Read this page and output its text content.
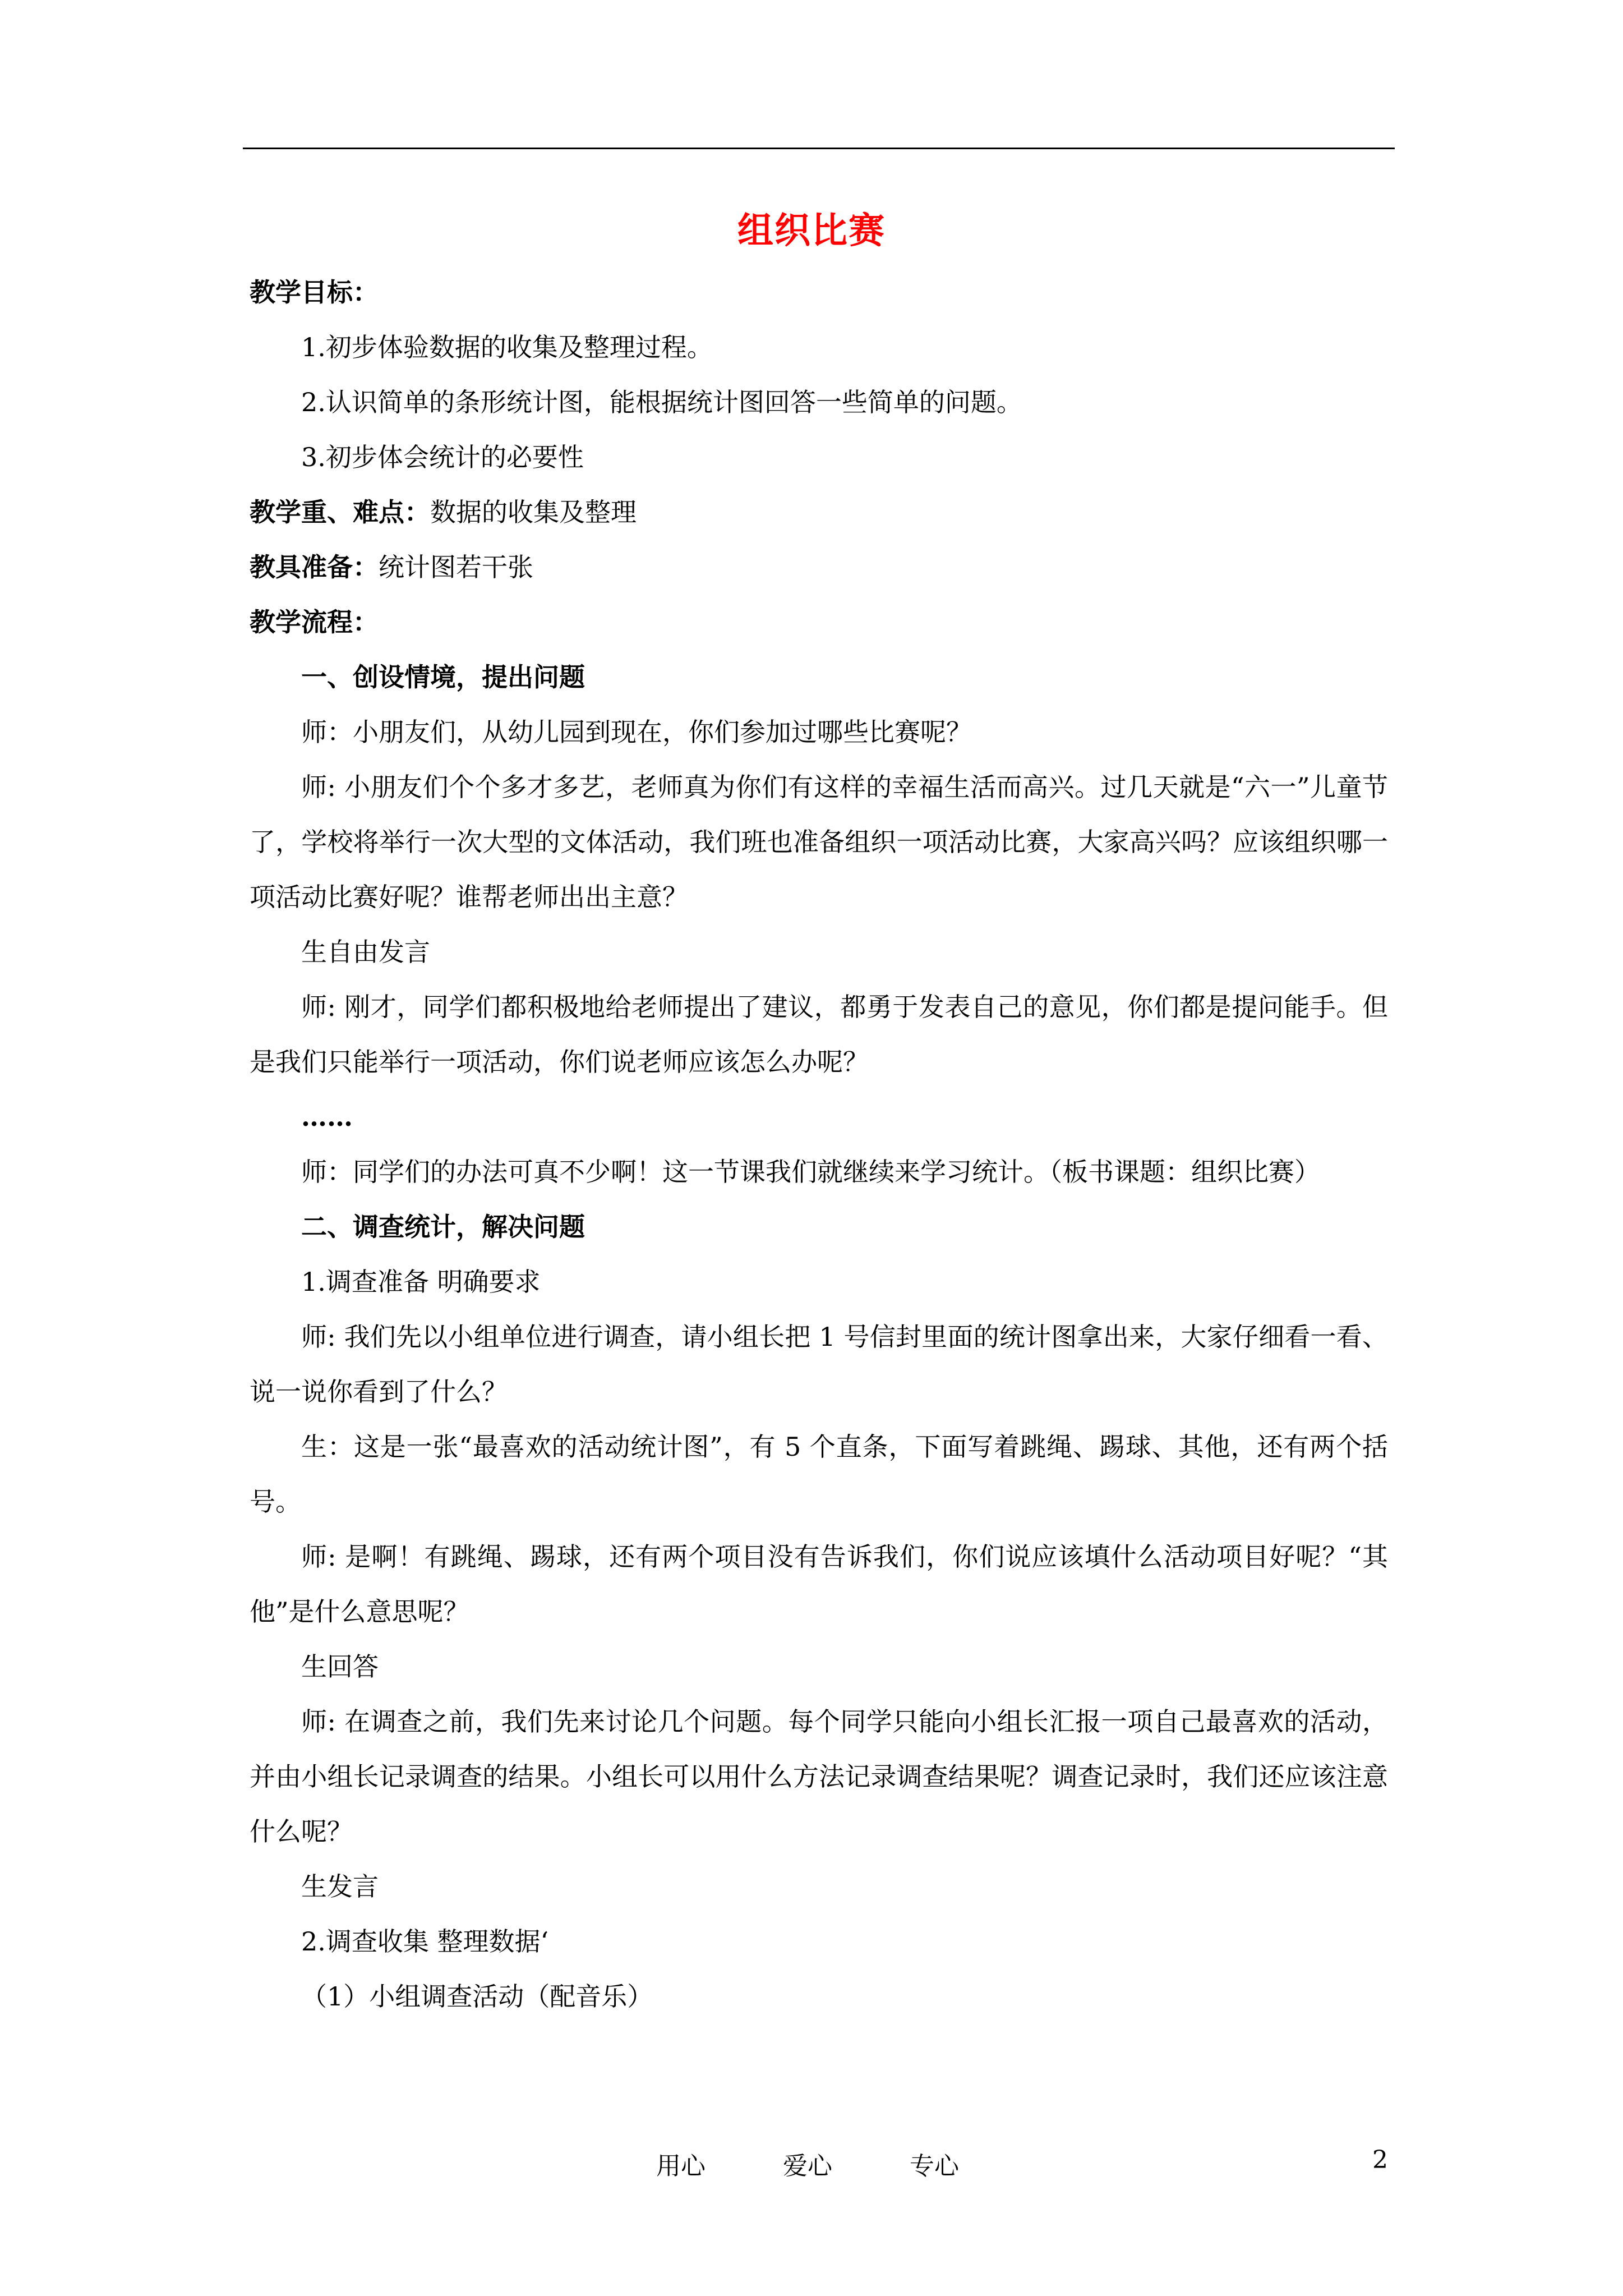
组织比赛

教学目标：

1.初步体验数据的收集及整理过程。

2.认识简单的条形统计图，能根据统计图回答一些简单的问题。

3.初步体会统计的必要性

教学重、难点：数据的收集及整理

教具准备：统计图若干张

教学流程：

一、创设情境，提出问题

师：小朋友们，从幼儿园到现在，你们参加过哪些比赛呢？

师: 小朋友们个个多才多艺，老师真为你们有这样的幸福生活而高兴。过几天就是“六一”儿童节了，学校将举行一次大型的文体活动，我们班也准备组织一项活动比赛，大家高兴吗？应该组织哪一项活动比赛好呢？谁帮老师出出主意？

生自由发言

师: 刚才，同学们都积极地给老师提出了建议，都勇于发表自己的意见，你们都是提问能手。但是我们只能举行一项活动，你们说老师应该怎么办呢？

……

师：同学们的办法可真不少啊！这一节课我们就继续来学习统计。（板书课题：组织比赛）

二、调查统计，解决问题

1.调查准备 明确要求

师: 我们先以小组单位进行调查，请小组长把 1 号信封里面的统计图拿出来，大家仔细看一看、说一说你看到了什么？

生：这是一张“最喜欢的活动统计图”，有 5 个直条，下面写着跳绳、踢球、其他，还有两个括号。

师: 是啊！有跳绳、踢球，还有两个项目没有告诉我们，你们说应该填什么活动项目好呢？“其他”是什么意思呢？

生回答

师: 在调查之前，我们先来讨论几个问题。每个同学只能向小组长汇报一项自己最喜欢的活动，并由小组长记录调查的结果。小组长可以用什么方法记录调查结果呢？调查记录时，我们还应该注意什么呢？

生发言

2.调查收集 整理数据‘

（1）小组调查活动（配音乐）

用心	爱心	专心	2
